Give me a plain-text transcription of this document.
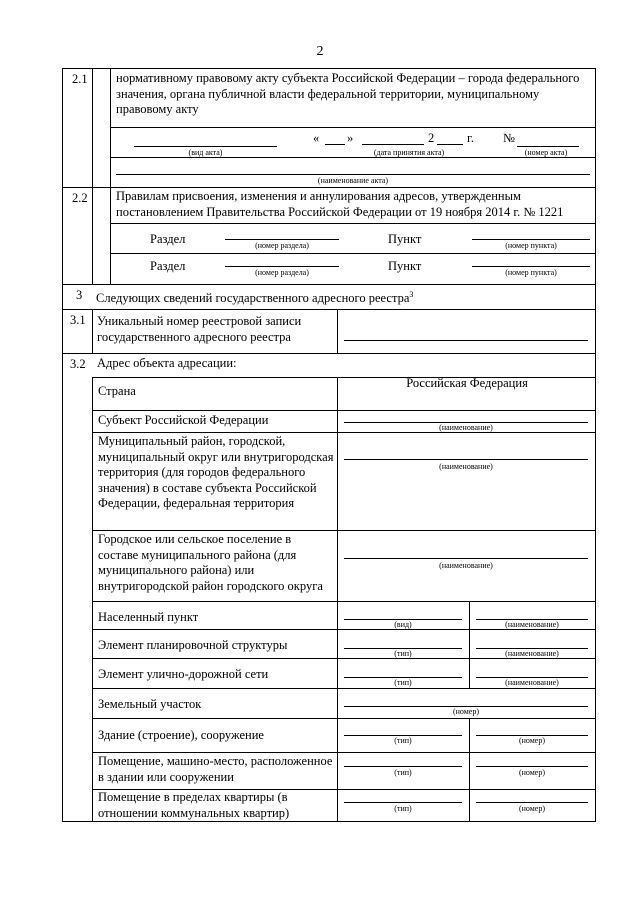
2
2.1 нормативному правовому акту субъекта Российской Федерации – города федерального значения, органа публичной власти федеральной территории, муниципальному правовому акту
(вид акта)
« »	2	г.
(дата принятия акта)
№
(номер акта)
(наименование акта)
2.2 Правилам присвоения, изменения и аннулирования адресов, утвержденным постановлением Правительства Российской Федерации от 19 ноября 2014 г. № 1221
Раздел	(номер раздела)	Пункт	(номер пункта)
Раздел	(номер раздела)	Пункт	(номер пункта)
3 Следующих сведений государственного адресного реестра$^3$
3.1 Уникальный номер реестровой записи государственного адресного реестра
3.2 Адрес объекта адресации:
Страна
Российская Федерация
Субъект Российской Федерации
(наименование)
Муниципальный район, городской, муниципальный округ или внутригородская территория (для городов федерального значения) в составе субъекта Российской Федерации, федеральная территория
(наименование)
Городское или сельское поселение в составе муниципального района (для муниципального района) или внутригородской район городского округа
(наименование)
Населенный пункт
(вид)	(наименование)
Элемент планировочной структуры
(тип)	(наименование)
Элемент улично-дорожной сети
(тип)	(наименование)
Земельный участок
(номер)
Здание (строение), сооружение	(тип)	(номер)
Помещение, машино-место, расположенное в здании или сооружении	(тип)	(номер)
Помещение в пределах квартиры (в отношении коммунальных квартир)	(тип)	(номер)
